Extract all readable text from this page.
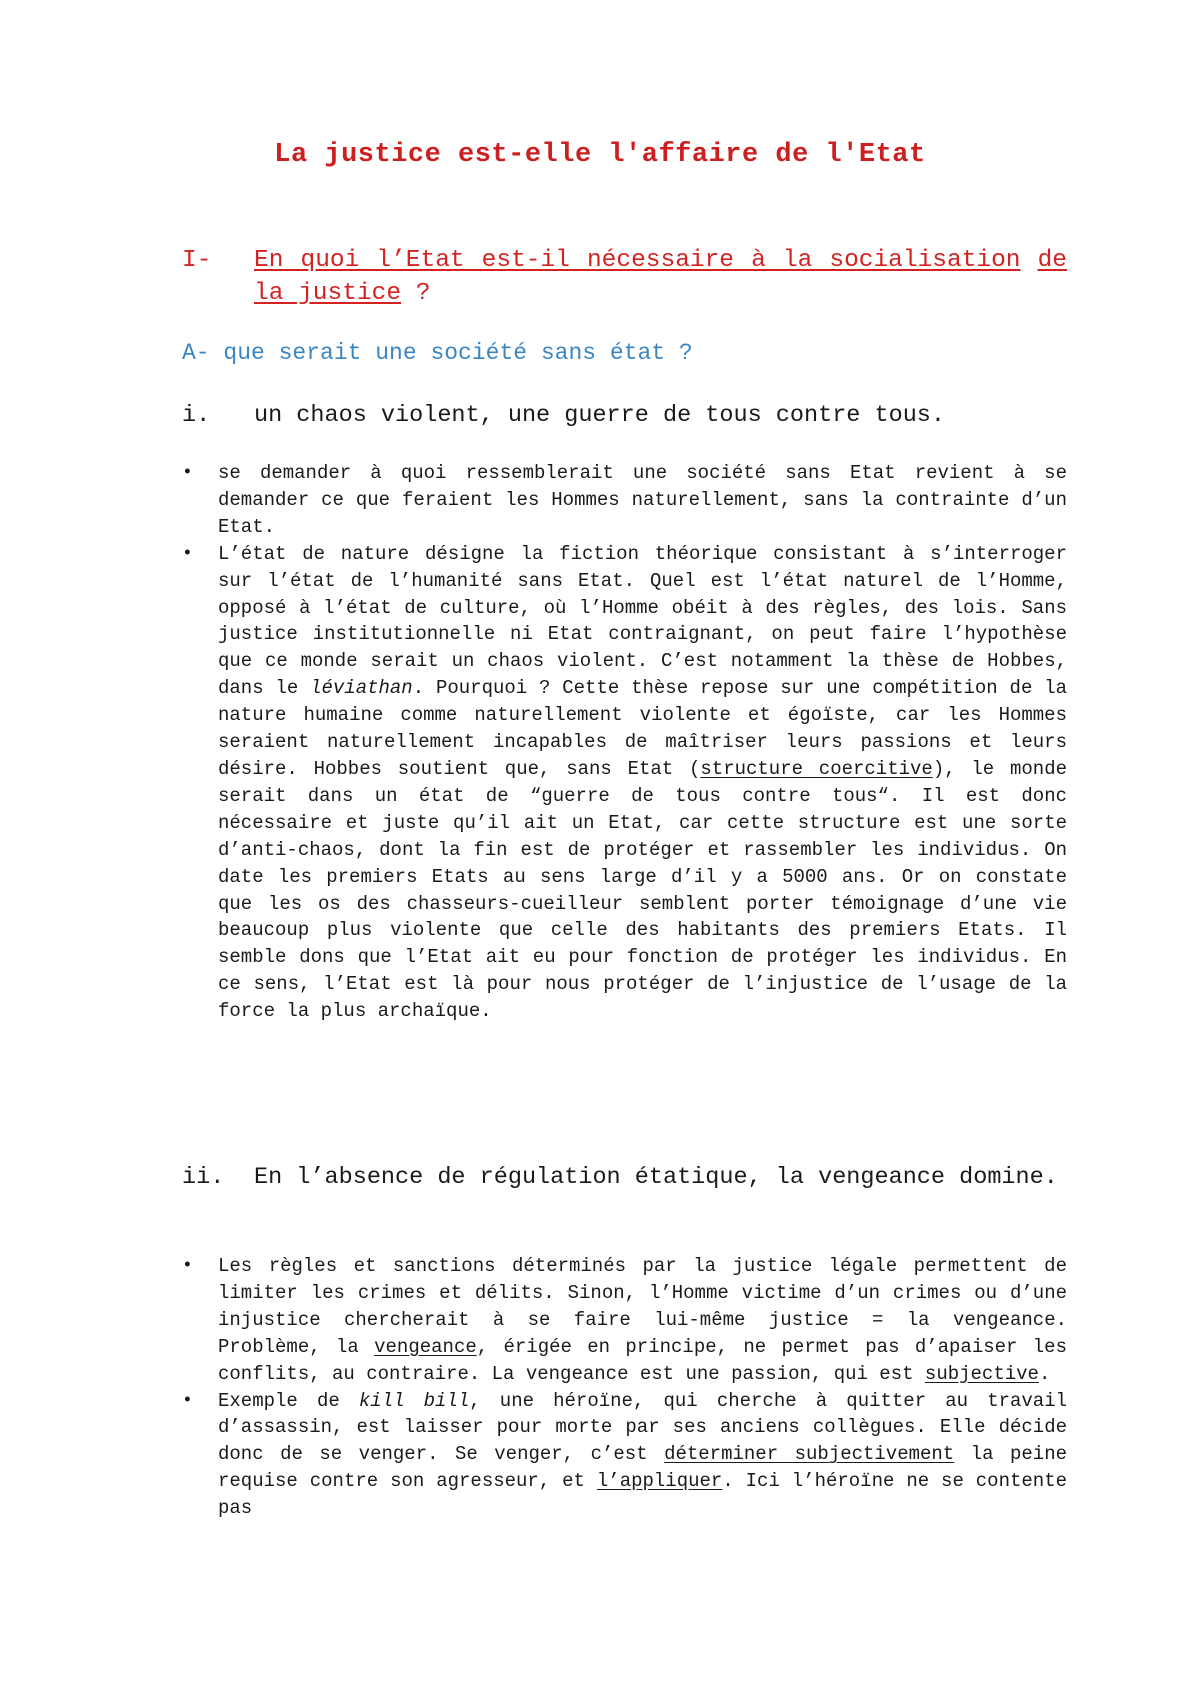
La justice est-elle l'affaire de l'Etat
I- En quoi l’Etat est-il nécessaire à la socialisation de la justice ?
A- que serait une société sans état ?
i. un chaos violent, une guerre de tous contre tous.
• se demander à quoi ressemblerait une société sans Etat revient à se demander ce que feraient les Hommes naturellement, sans la contrainte d’un Etat.
• L’état de nature désigne la fiction théorique consistant à s’interroger sur l’état de l’humanité sans Etat. Quel est l’état naturel de l’Homme, opposé à l’état de culture, où l’Homme obéit à des règles, des lois. Sans justice institutionnelle ni Etat contraignant, on peut faire l’hypothèse que ce monde serait un chaos violent. C’est notamment la thèse de Hobbes, dans le léviathan. Pourquoi ? Cette thèse repose sur une compétition de la nature humaine comme naturellement violente et égoïste, car les Hommes seraient naturellement incapables de maîtriser leurs passions et leurs désire. Hobbes soutient que, sans Etat (structure coercitive), le monde serait dans un état de “guerre de tous contre tous“. Il est donc nécessaire et juste qu’il ait un Etat, car cette structure est une sorte d’anti-chaos, dont la fin est de protéger et rassembler les individus. On date les premiers Etats au sens large d’il y a 5000 ans. Or on constate que les os des chasseurs-cueilleur semblent porter témoignage d’une vie beaucoup plus violente que celle des habitants des premiers Etats. Il semble dons que l’Etat ait eu pour fonction de protéger les individus. En ce sens, l’Etat est là pour nous protéger de l’injustice de l’usage de la force la plus archaïque.
ii. En l’absence de régulation étatique, la vengeance domine.
• Les règles et sanctions déterminés par la justice légale permettent de limiter les crimes et délits. Sinon, l’Homme victime d’un crimes ou d’une injustice chercherait à se faire lui-même justice = la vengeance. Problème, la vengeance, érigée en principe, ne permet pas d’apaiser les conflits, au contraire. La vengeance est une passion, qui est subjective.
• Exemple de kill bill, une héroïne, qui cherche à quitter au travail d’assassin, est laisser pour morte par ses anciens collègues. Elle décide donc de se venger. Se venger, c’est déterminer subjectivement la peine requise contre son agresseur, et l’appliquer. Ici l’héroïne ne se contente pas
